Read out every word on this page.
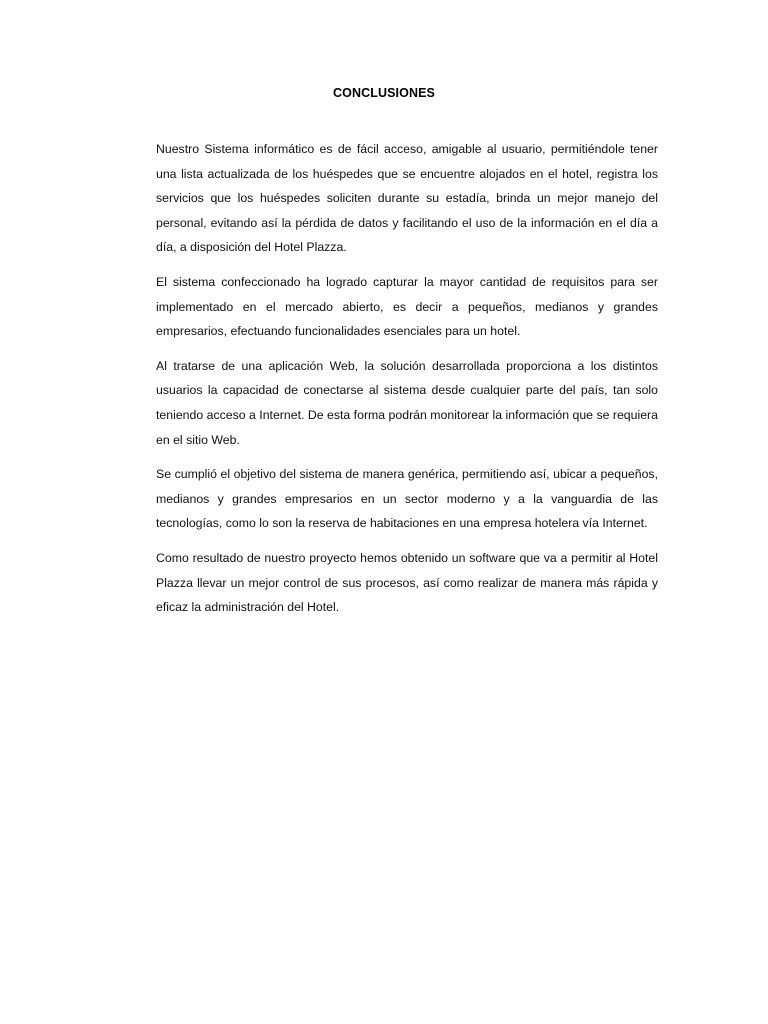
CONCLUSIONES

Nuestro Sistema informático es de fácil acceso, amigable al usuario, permitiéndole tener una lista actualizada de los huéspedes que se encuentre alojados en el hotel, registra los servicios que los huéspedes soliciten durante su estadía, brinda un mejor manejo del personal, evitando así la pérdida de datos y facilitando el uso de la información en el día a día, a disposición del Hotel Plazza.

El sistema confeccionado ha logrado capturar la mayor cantidad de requisitos para ser implementado en el mercado abierto, es decir a pequeños, medianos y grandes empresarios, efectuando funcionalidades esenciales para un hotel.

Al tratarse de una aplicación Web, la solución desarrollada proporciona a los distintos usuarios la capacidad de conectarse al sistema desde cualquier parte del país, tan solo teniendo acceso a Internet. De esta forma podrán monitorear la información que se requiera en el sitio Web.

Se cumplió el objetivo del sistema de manera genérica, permitiendo así, ubicar a pequeños, medianos y grandes empresarios en un sector moderno y a la vanguardia de las tecnologías, como lo son la reserva de habitaciones en una empresa hotelera vía Internet.

Como resultado de nuestro proyecto hemos obtenido un software que va a permitir al Hotel Plazza llevar un mejor control de sus procesos, así como realizar de manera más rápida y eficaz la administración del Hotel.
